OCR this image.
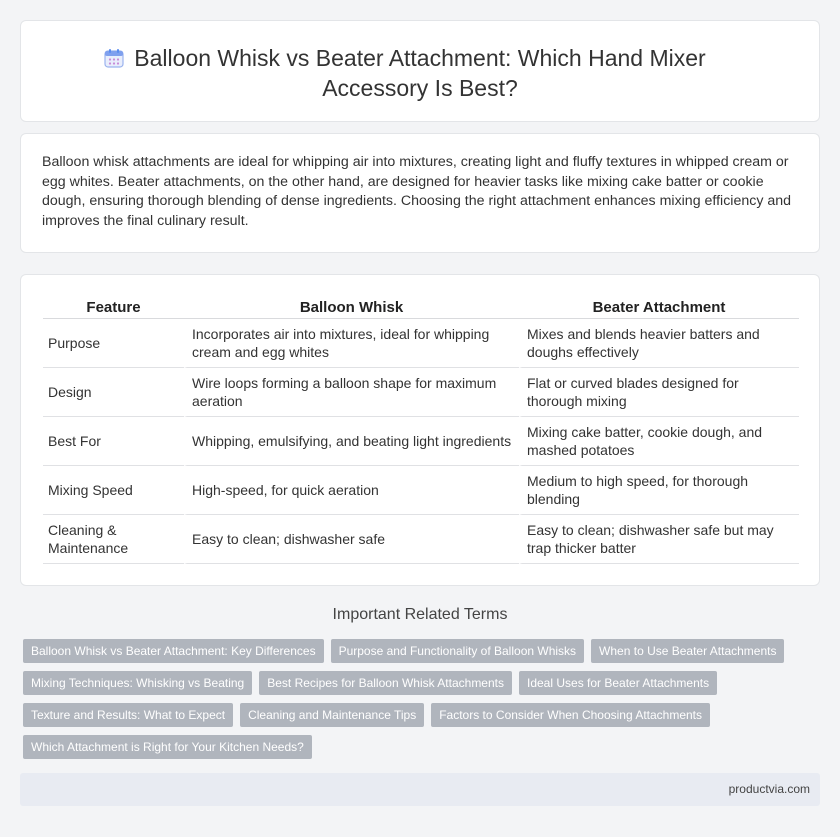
Balloon Whisk vs Beater Attachment: Which Hand Mixer Accessory Is Best?

Balloon whisk attachments are ideal for whipping air into mixtures, creating light and fluffy textures in whipped cream or egg whites. Beater attachments, on the other hand, are designed for heavier tasks like mixing cake batter or cookie dough, ensuring thorough blending of dense ingredients. Choosing the right attachment enhances mixing efficiency and improves the final culinary result.

Feature	Balloon Whisk	Beater Attachment
Purpose	Incorporates air into mixtures, ideal for whipping cream and egg whites	Mixes and blends heavier batters and doughs effectively
Design	Wire loops forming a balloon shape for maximum aeration	Flat or curved blades designed for thorough mixing
Best For	Whipping, emulsifying, and beating light ingredients	Mixing cake batter, cookie dough, and mashed potatoes
Mixing Speed	High-speed, for quick aeration	Medium to high speed, for thorough blending
Cleaning & Maintenance	Easy to clean; dishwasher safe	Easy to clean; dishwasher safe but may trap thicker batter
Important Related Terms
Balloon Whisk vs Beater Attachment: Key Differences	Purpose and Functionality of Balloon Whisks	When to Use Beater Attachments
Mixing Techniques: Whisking vs Beating	Best Recipes for Balloon Whisk Attachments	Ideal Uses for Beater Attachments
Texture and Results: What to Expect	Cleaning and Maintenance Tips	Factors to Consider When Choosing Attachments
Which Attachment is Right for Your Kitchen Needs?
productvia.com
